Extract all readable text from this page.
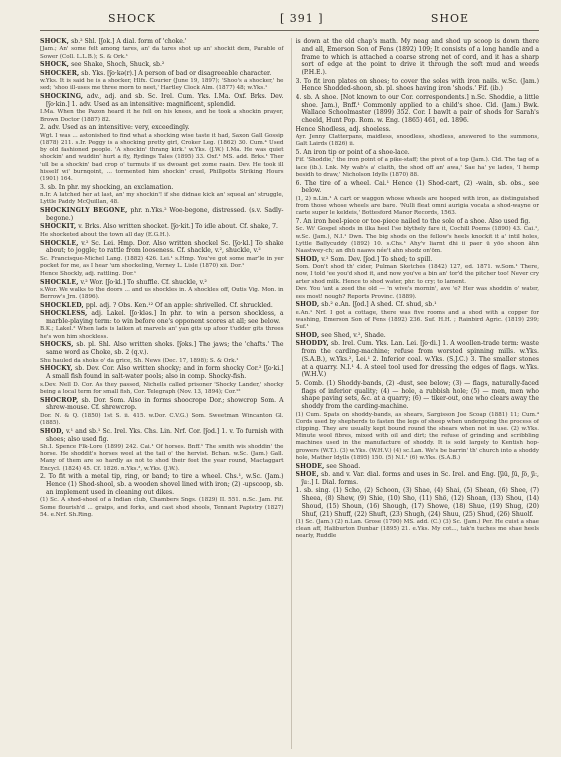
SHOCK	[ 391 ]	SHOE

SHOCK, sb.² Shl. [ʃok.] A dial. form of 'choke.'

[Jam.; An' some felt among tares, an' da tares shot up an' shockit dem, Parable of Sower (Coll. L.L.B.); S. & Ork.¹

SHOCK, see Shake, Shoch, Shuck, sb.²

SHOCKER, sb. Yks. [ʃo·kə(r).] A person of bad or disagreeable character.

w.Yks. It is said he is a shocker, Hlfx. Courier (June 19, 1897); 'Shoo's a shocker,' he sed; 'shoo ill-uses me three morn to neet,' Hartley Clock Alm. (1877) 48; w.Yks.¹

SHOCKING, adv., adj. and sb. Sc. Irel. Cum. Yks. I.Ma. Oxf. Brks. Dev. [ʃo·kin.] 1. adv. Used as an intensitive: magnificent, splendid.

I.Ma. When the Pazon heard it he fell on his knees, and he took a shockin prayer, Brown Doctor (1887) 82.

2. adv. Used as an intensitive: very, exceedingly.

Wgt. I was ... astonished to find what a shocking wise taste it had, Saxon Gall Gossip (1878) 211. s.Ir. Peggy is a shocking pretty girl, Croker Leg. (1862) 30. Cum.⁴ Used by old fashioned people. 'A shockin' thrang kirk.' w.Yks. (J.W.) I.Ma. He was quiet shockin' and wuddin' hurt a fly, Rydings Tales (1895) 33. Oxf.¹ MS. add. Brks.¹ Ther 'ull be a shockin' bad crop o' turmuts if us dwoant get zome raain. Dev. He took ill hisself wi' burnqoint, ... tormented him shockin' cruel, Phillpotts Striking Hours (1901) 164.

3. sb. In phr. my shocking, an exclamation.

n.Ir. A latched her at last, an' my shockin'! if she didnae kick an' squeal an' struggle, Lyttle Paddy McQuillan, 48.

SHOCKINGLY BEGONE, phr. n.Yks.² Woe-begone, distressed. (s.v. Sadly-begone.)

SHOCKIT, v. Brks. Also written shocket. [ʃo·kit.] To idle about. Cf. shake, 7.

He shocketed about the town all day (E.G.H.).

SHOCKLE, v.² Sc. Lei. Hmp. Dor. Also written shockel Sc. [ʃo·kl.] To shake about; to joggle; to rattle from looseness. Cf. shackle, v.², shuckle, v.²

Sc. Francisque-Michel Lang. (1882) 426. Lei.¹ s.Hmp. You've got some mar'le in yer pocket for me, as I hear 'um shockeling, Verney L. Lisle (1870) xii. Dor.¹

Hence Shockly, adj. rattling. Dor.¹

SHOCKLE, v.² Wor. [ʃo·kl.] To shuffle. Cf. shuckle, v.²

s.Wor. We walks to the doors ... and us shockles in. A shockles off, Outis Vig. Mon. in Berrow's Jrn. (1896).

SHOCKLED, ppl. adj. ? Obs. Ken.¹² Of an apple: shrivelled. Cf. shruckled.

SHOCKLESS, adj. Lakel. [ʃo·kləs.] In phr. to win a person shockless, a marble-playing term: to win before one's opponent scores at all; see below.

B.K.; Lakel.² When lads is laiken at marvels an' yan gits up afoor t'udder gits threes he's won him shockless.

SHOCKS, sb. pl. Shl. Also written shoks. [ʃoks.] The jaws; the 'chafts.' The same word as Choke, sb. 2 (q.v.).

Shu hauled da shoks o' da grice, Sh. News (Dec. 17, 1898); S. & Ork.¹

SHOCKY, sb. Dev. Cor. Also written shocky; and in form shocky Cor.² [ʃo·ki.] A small fish found in salt-water pools; also in comp. Shocky-fish.

s.Dev. Nell D. Cor. As they passed, Nichells called prisoner 'Shocky Lander,' shocky being a local term for small fish, Cor. Telegraph (Nov. 13, 1894); Cor.¹²

SHOCROP, sb. Dor. Som. Also in forms shoocrope Dor.; showcrop Som. A shrew-mouse. Cf. shrewcrop.

Dor. N. & Q. (1850) 1st S. ii. 415. w.Dor. C.V.G.) Som. Sweetman Wincanton Gl. (1885).

SHOD, v.¹ and sb.¹ Sc. Irel. Yks. Chs. Lin. Nrf. Cor. [ʃod.] 1. v. To furnish with shoes; also used fig.

Sh.I. Spence Flk-Lore (1899) 242. Cai.¹ Of horses. Bnff.¹ The smith wis shoddin' the horse. He shoddit's horses weel at the tail o' the hervist. Bchan. w.Sc. (Jam.) Gall. Many of them are so hardly as not to shod their feet the year round, Mactaggart Encycl. (1824) 45. Cf. 1826. n.Yks.³, w.Yks. (J.W.).

2. To fit with a metal tip, ring, or band; to tire a wheel. Chs.¹, w.Sc. (Jam.) Hence (1) Shod-shool, sb. a wooden shovel lined with iron; (2) -upscoop, sb. an implement used in cleaning out dikes.

(1) Sc. A shod-shool of a Indian club, Chambers Sngs. (1829) II. 551. n.Sc. Jam. Fif. Some flourish'd ... graips, and forks, and cast shod shools, Tennant Papistry (1827) 54. e.Nrf. Sh.Ring.

is down at the old chap's math. My neag and shod up scoop is down there and all, Emerson Son of Fens (1892) 109; It consists of a long handle and a frame to which is attached a coarse strong net of cord, and it has a sharp sort of edge at the point to drive it through the soft mud and weeds (P.H.E.).

3. To fit iron plates on shoes; to cover the soles with iron nails. w.Sc. (Jam.) Hence Shodded-shoon, sb. pl. shoes having iron 'shods.' Fif. (ib.)

4. sb. A shoe. [Not known to our Cor. correspondents.] n.Sc. Shoddie, a little shoe. Jam.), Bnff.¹ Commonly applied to a child's shoe. Cld. (Jam.) Bwk. Wallace Schoolmaster (1899) 352. Cor. I bawlt a pair of shods for Sarah's cheeld, Hunt Pop. Rom. w. Eng. (1865) 461, ed. 1896.

Hence Shodless, adj. shoeless.

Ayr. Jenny Clatterpans, maidless, snoodless, shodless, answered to the summons, Galt Lairds (1826) ii.

5. An iron tip or point of a shoe-lace.

Fif. 'Shoddie,' the iron point of a pike-staff; the pivot of a top (Jam.). Cld. The tag of a lace (ib.). Lnk. My wab's a' claith, the shod off an' awa,' Sae ha' ye lades, 'I hemp besidh to draw,' Nicholson Idylls (1870) 88.

6. The tire of a wheel. Cai.¹ Hence (1) Shod-cart, (2) -wain, sb. obs., see below.

(1, 2) n.Lin.¹ A cart or waggon whose wheels are hooped with iron, as distinguished from those whose wheels are bare. 'Nulli fleat omni aurigia vocata a shod-wayne or carte super le keldeis,' Bottesford Manor Records, 1563.

7. An iron heel-piece or toe-piece nailed to the sole of a shoe. Also used fig.

Sc. Wi' Gospel shods in ilka heel I'se blythely fare it, Cochill Poems (1890) 43. Cai.¹, w.Sc. (Jam.), N.I.¹ Dwn. The big shods on the fellow's heels knockit it a' intil holes, Lyttle Ballycuddy (1892) 10. s.Chs.¹ Ahy'v liarnt dhi ii paer ü yöo shoon ähn Naastwey-ch; an dhü naaws née't ahn shodz on'öm.

SHOD, v.² Som. Dev. [ʃod.] To shed; to spill.

Som. Don't shod th' cider, Pulman Sketches (1842) 127, ed. 1871. w.Som.¹ There, now, I told 'ee you'd shod it, and now you've a bin an' tor'd the pitcher too! Never cry arter shod milk. Hence to shod water, phr. to cry; to lament.

Dev. You 'ant a zeed the old — 'n wive's mornin', ave 'e? Her was shoddin o' water, ees most! nough? Reports Provinc. (1889).

SHOD, sb.² e.An. [ʃod.] A shed. Cf. shud, sb.¹

e.An.¹ Nrf. I got a cottage, there was five rooms and a shod with a copper for washing, Emerson Son of Fens (1892) 236. Suf. H.H. ; Rainbird Agric. (1819) 299; Suf.¹

SHOD, see Shed, v.², Shade.

SHODDY, sb. Irel. Cum. Yks. Lan. Lei. [ʃo·di.] 1. A woollen-trade term: waste from the carding-machine; refuse from worsted spinning mills. w.Yks. (S.A.B.), w.Yks.², Lei.¹ 2. Inferior coal. w.Yks. (S.J.C.) 3. The smaller stones at a quarry. N.I.¹ 4. A steel tool used for dressing the edges of flags. w.Yks. (W.H.V.)

5. Comb. (1) Shoddy-bands, (2) -dust, see below; (3) — flags, naturally-faced flags of inferior quality; (4) — hole, a rubbish hole; (5) — men, men who shape paving sets, &c. at a quarry; (6) — tiker-out, one who clears away the shoddy from the carding-machine.

(1) Cum. Spats on shoddy-bands, as shears, Sargisson Joe Scoap (1881) 11; Cum.⁴ Cords used by shepherds to fasten the legs of sheep when undergoing the process of clipping. They are usually kept bound round the shears when not in use. (2) w.Yks. Minute wool fibres, mixed with oil and dirt; the refuse of grinding and scribbling machines used in the manufacture of shoddy. It is sold largely to Kentish hop-growers (W.T.). (3) w.Yks. (W.H.V.) (4) sc.Lan. We's be barrin' th' church into a shoddy hole, Mather Idylls (1895) 150. (5) N.I.¹ (6) w.Yks. (S.A.B.)

SHODE, see Shoad.

SHOE, sb. and v. Var. dial. forms and uses in Sc. Irel. and Eng. [ʃiū, ʃū, ʃö, ʃiː, ʃuː.] I. Dial. forms.

1. sb. sing. (1) Scho, (2) Schoon, (3) Shae, (4) Shai, (5) Shean, (6) Shee, (7) Sheea, (8) Shew, (9) Shie, (10) Sho, (11) Shö, (12) Shoan, (13) Shou, (14) Shoud, (15) Shoun, (16) Shough, (17) Showe, (18) Shue, (19) Shug, (20) Shuf, (21) Shuff, (22) Shuft, (23) Shugh, (24) Shuu, (25) Shud, (26) Shuolf.

(1) Sc. (Jam.) (2) n.Lan. Grose (1790) MS. add. (C.) (3) Sc. (Jam.) Per. He cuist a shae clean aff, Haliburton Dunbar (1895) 21. e.Yks. My cot..., tak'n tuches me shae heels nearly, Ruddle
